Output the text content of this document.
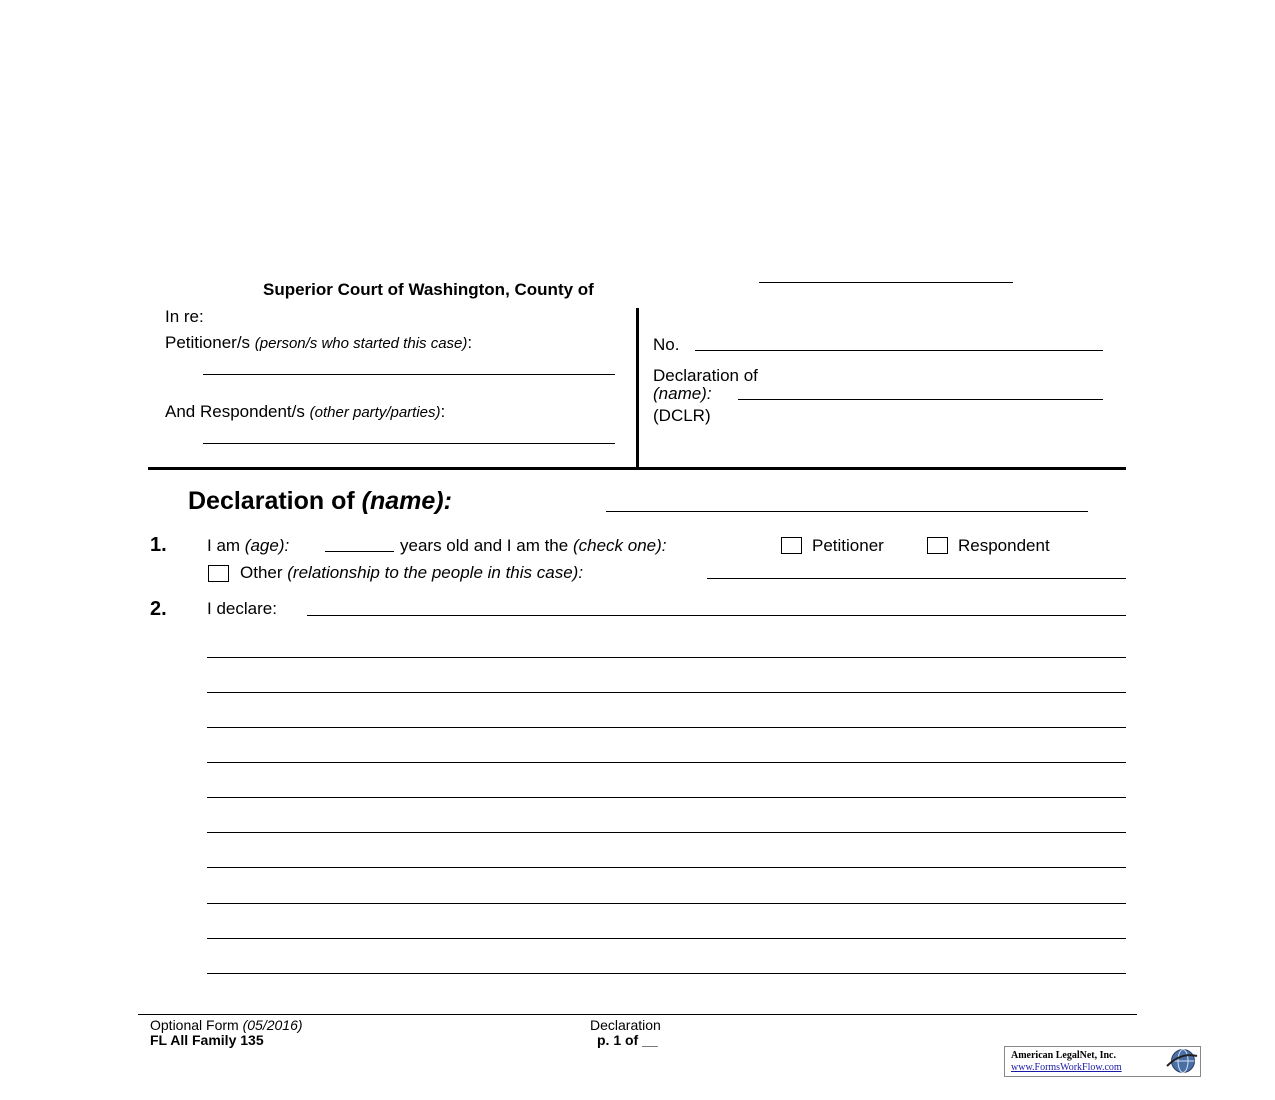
Superior Court of Washington, County of
In re:
Petitioner/s (person/s who started this case):
And Respondent/s (other party/parties):
No.
Declaration of
(name):
(DCLR)
Declaration of (name):
1. I am (age):	years old and I am the (check one):	Petitioner	Respondent
Other (relationship to the people in this case):
2. I declare:
Optional Form (05/2016)
FL All Family 135
Declaration
p. 1 of __
American LegalNet, Inc.
www.FormsWorkFlow.com
